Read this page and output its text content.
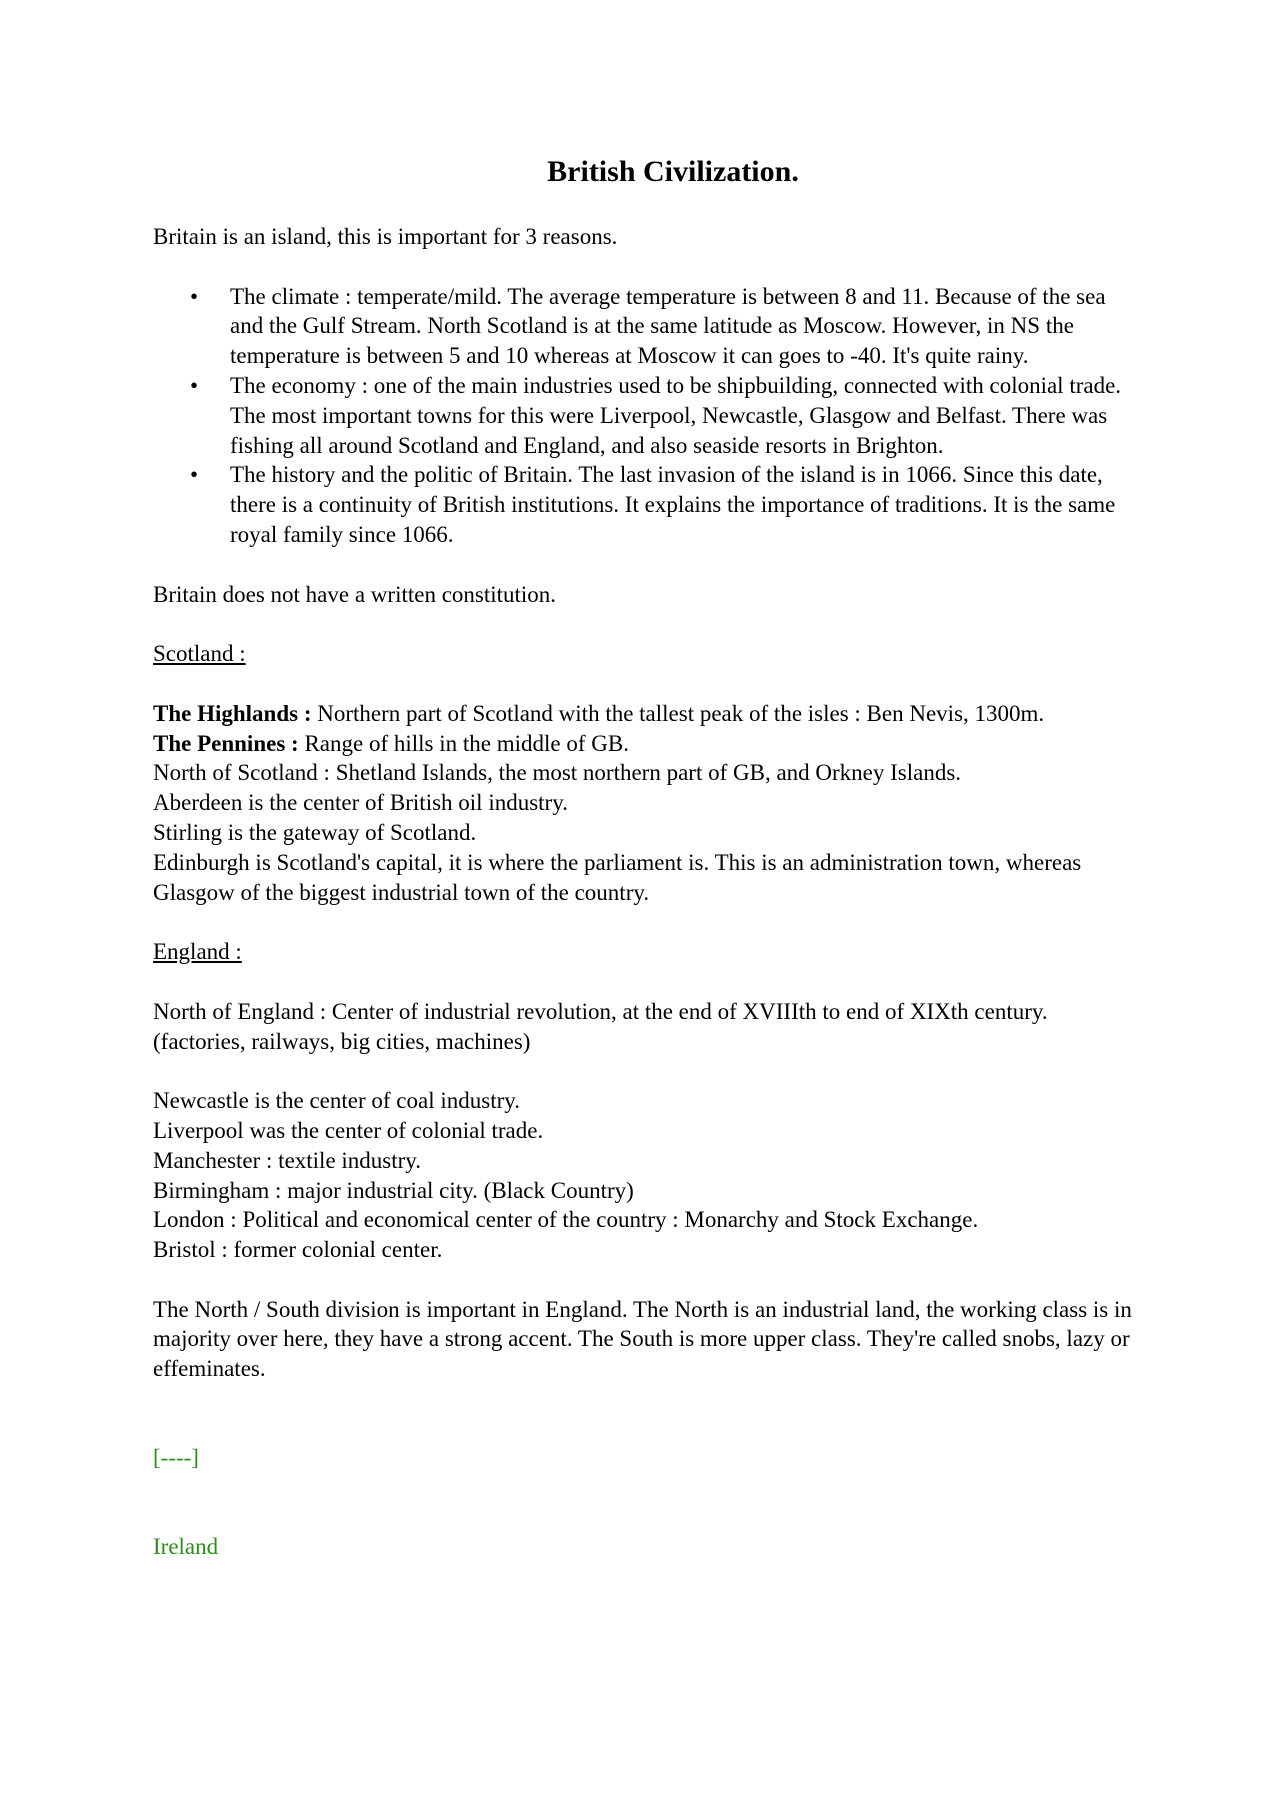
British Civilization.

Britain is an island, this is important for 3 reasons.

• The climate : temperate/mild. The average temperature is between 8 and 11. Because of the sea and the Gulf Stream. North Scotland is at the same latitude as Moscow. However, in NS the temperature is between 5 and 10 whereas at Moscow it can goes to -40. It's quite rainy.
• The economy : one of the main industries used to be shipbuilding, connected with colonial trade. The most important towns for this were Liverpool, Newcastle, Glasgow and Belfast. There was fishing all around Scotland and England, and also seaside resorts in Brighton.
• The history and the politic of Britain. The last invasion of the island is in 1066. Since this date, there is a continuity of British institutions. It explains the importance of traditions. It is the same royal family since 1066.

Britain does not have a written constitution.

Scotland :

The Highlands : Northern part of Scotland with the tallest peak of the isles : Ben Nevis, 1300m.

The Pennines : Range of hills in the middle of GB.

North of Scotland : Shetland Islands, the most northern part of GB, and Orkney Islands.

Aberdeen is the center of British oil industry.

Stirling is the gateway of Scotland.

Edinburgh is Scotland's capital, it is where the parliament is. This is an administration town, whereas Glasgow of the biggest industrial town of the country.

England :

North of England : Center of industrial revolution, at the end of XVIIIth to end of XIXth century. (factories, railways, big cities, machines)

Newcastle is the center of coal industry.

Liverpool was the center of colonial trade.

Manchester : textile industry.

Birmingham : major industrial city. (Black Country)

London : Political and economical center of the country : Monarchy and Stock Exchange.

Bristol : former colonial center.

The North / South division is important in England. The North is an industrial land, the working class is in majority over here, they have a strong accent. The South is more upper class. They're called snobs, lazy or effeminates.

[----]

Ireland
